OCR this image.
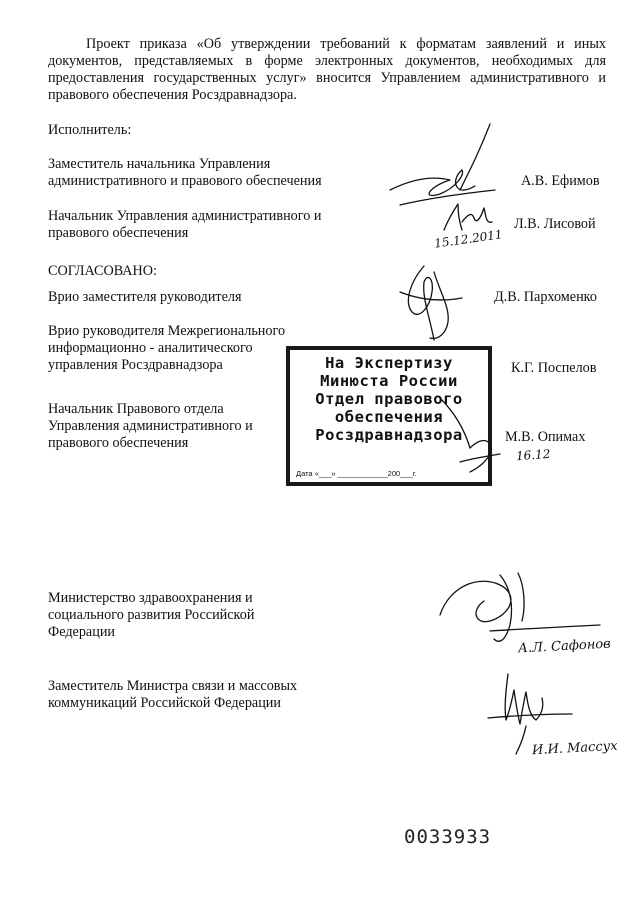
Проект приказа «Об утверждении требований к форматам заявлений и иных документов, представляемых в форме электронных документов, необходимых для предоставления государственных услуг» вносится Управлением административного и правового обеспечения Росздравнадзора.
Исполнитель:
Заместитель начальника Управления
административного и правового обеспечения	А.В. Ефимов
Начальник Управления административного и
правового обеспечения
Л.В. Лисовой
15.12.2011
СОГЛАСОВАНО:
Врио заместителя руководителя	Д.В. Пархоменко
Врио руководителя Межрегионального
информационно - аналитического
управления Росздравнадзора	К.Г. Поспелов
Начальник Правового отдела
Управления административного и
правового обеспечения	М.В. Опимах
16.12
На Экспертизу
Минюста России
Отдел правового
обеспечения
Росздравнадзора
Дата «___» ____________200___г.
Министерство здравоохранения и
социального развития Российской
Федерации
А.Л. Сафонов
Заместитель Министра связи и массовых
коммуникаций Российской Федерации
И.И. Массух
0033933
